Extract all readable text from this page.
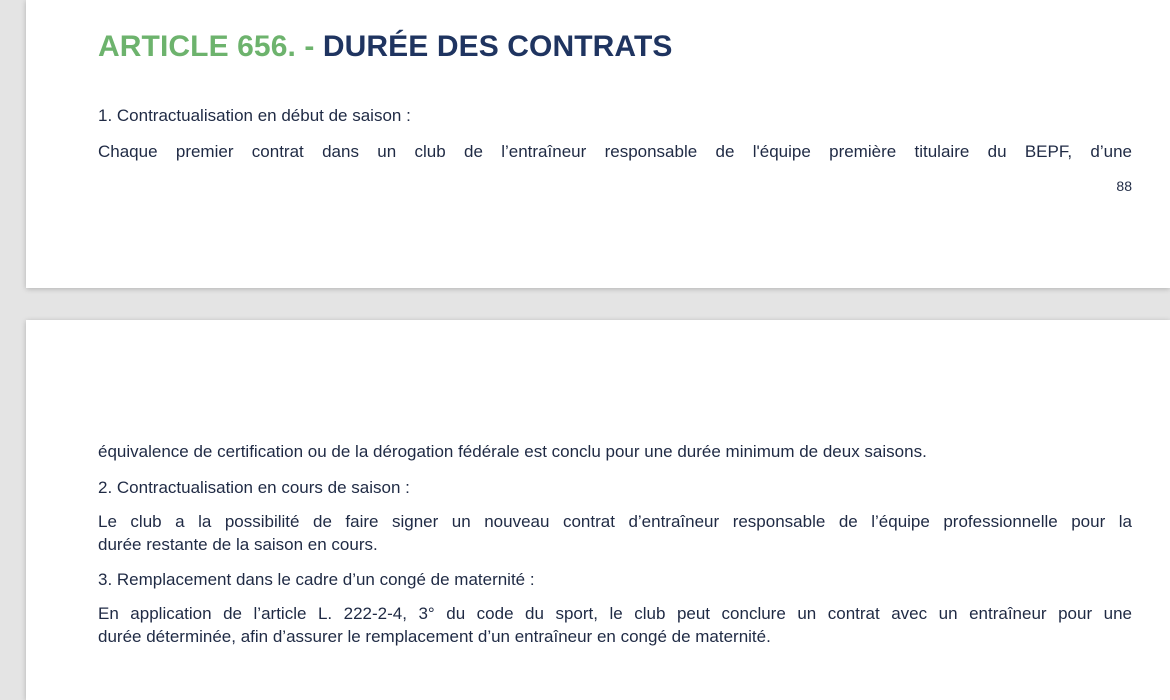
ARTICLE 656. - DURÉE DES CONTRATS

1. Contractualisation en début de saison :

Chaque premier contrat dans un club de l’entraîneur responsable de l'équipe première titulaire du BEPF, d’une

88

équivalence de certification ou de la dérogation fédérale est conclu pour une durée minimum de deux saisons.

2. Contractualisation en cours de saison :

Le club a la possibilité de faire signer un nouveau contrat d’entraîneur responsable de l’équipe professionnelle pour la
durée restante de la saison en cours.

3. Remplacement dans le cadre d’un congé de maternité :

En application de l’article L. 222-2-4, 3° du code du sport, le club peut conclure un contrat avec un entraîneur pour une
durée déterminée, afin d’assurer le remplacement d’un entraîneur en congé de maternité.
